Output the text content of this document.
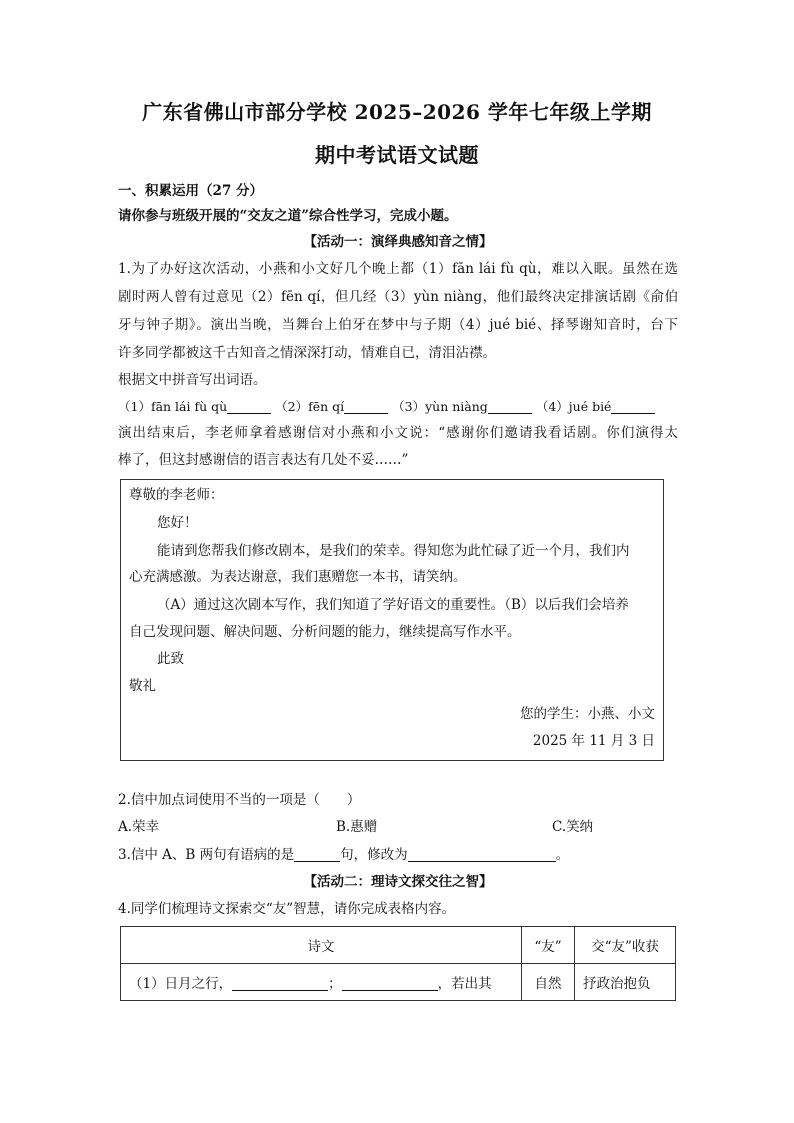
广东省佛山市部分学校 2025–2026 学年七年级上学期
期中考试语文试题
一、积累运用（27 分）
请你参与班级开展的“交友之道”综合性学习，完成小题。
【活动一：演绎典感知音之情】
1.为了办好这次活动，小燕和小文好几个晚上都（1）fān lái fù qù，难以入眠。虽然在选
剧时两人曾有过意见（2）fēn qí，但几经（3）yùn niàng，他们最终决定排演话剧《俞伯
牙与钟子期》。演出当晚，当舞台上伯牙在梦中与子期（4）jué bié、择琴谢知音时，台下
许多同学都被这千古知音之情深深打动，情难自已，清泪沾襟。
根据文中拼音写出词语。
（1）fān lái fù qù	（2）fēn qí	（3）yùn niàng	（4）jué bié
演出结束后，李老师拿着感谢信对小燕和小文说：“感谢你们邀请我看话剧。你们演得太
棒了，但这封感谢信的语言表达有几处不妥……”
尊敬的李老师：
您好！
能请到您帮我们修改剧本，是我们的荣幸。得知您为此忙碌了近一个月，我们内
心充满感激。为表达谢意，我们惠赠您一本书，请笑纳。
（A）通过这次剧本写作，我们知道了学好语文的重要性。（B）以后我们会培养
自己发现问题、解决问题、分析问题的能力，继续提高写作水平。
此致
敬礼
您的学生：小燕、小文
2025 年 11 月 3 日
2.信中加点词使用不当的一项是（　　）
A.荣幸	B.惠赠	C.笑纳
3.信中 A、B 两句有语病的是	句，修改为	。
【活动二：理诗文探交往之智】
4.同学们梳理诗文探索交“友”智慧，请你完成表格内容。
诗文	“友”	交“友”收获
（1）日月之行， ； ，若出其	自然	抒政治抱负
